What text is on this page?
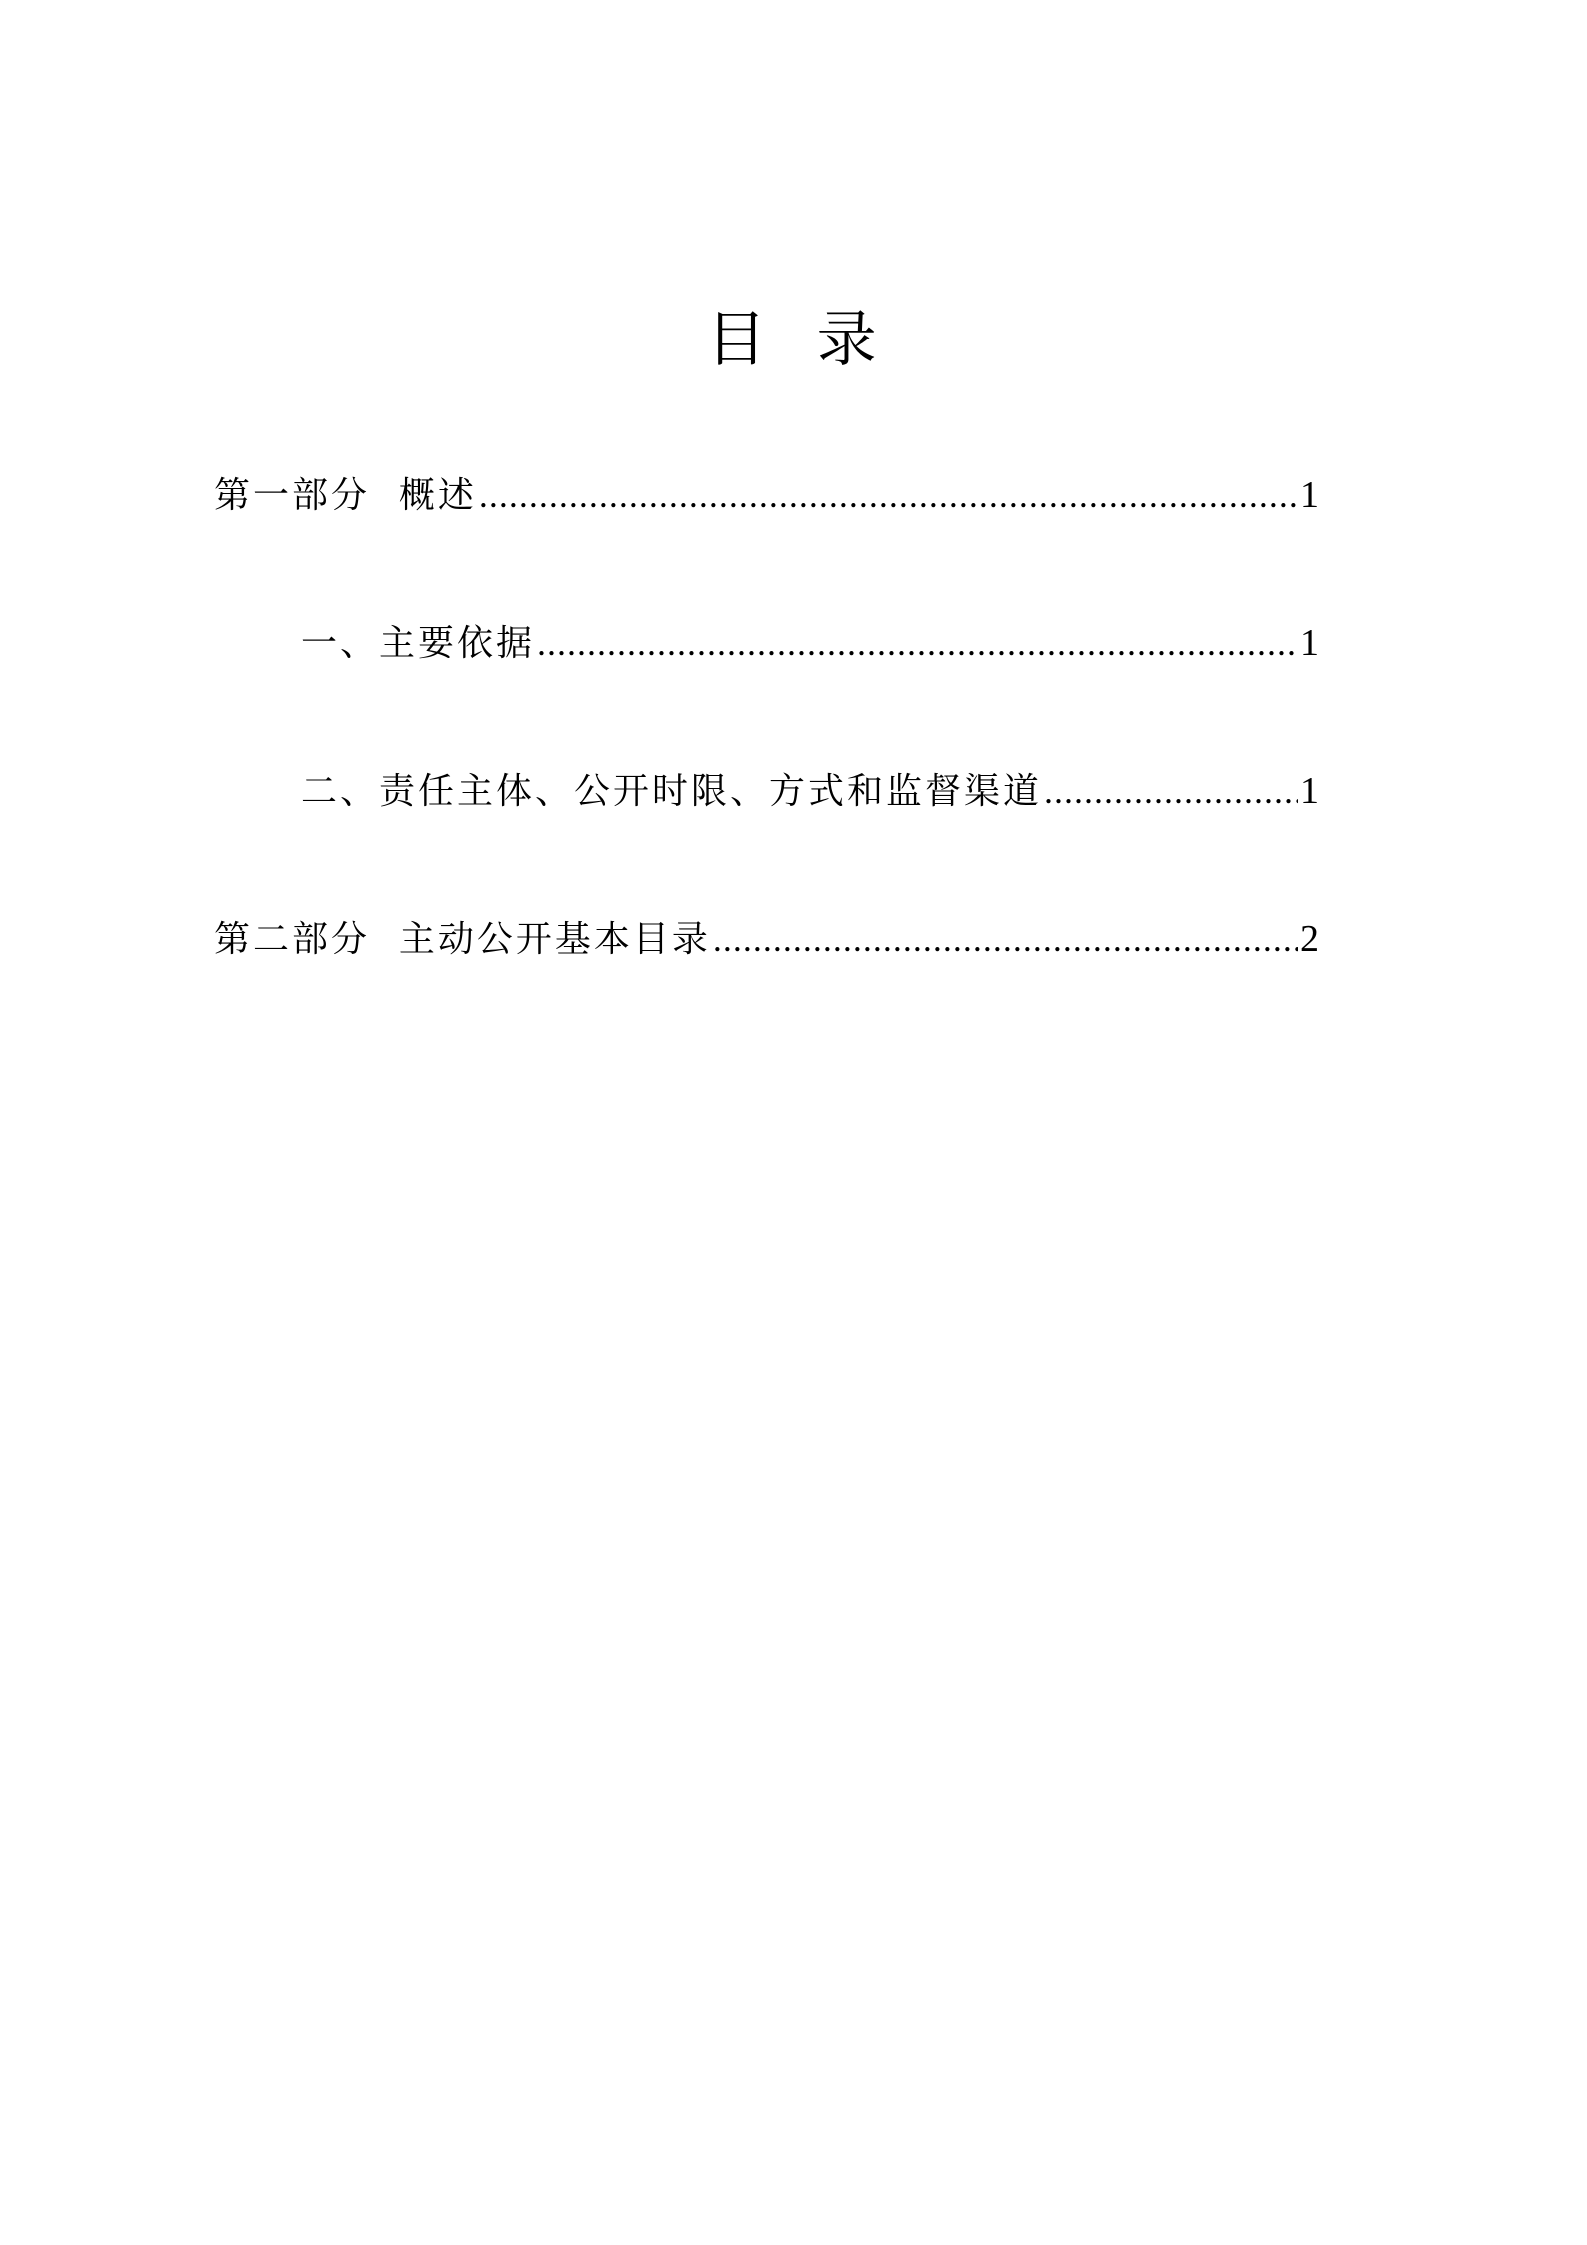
目  录
第一部分  概述 .....	1
一、主要依据 .....	1
二、责任主体、公开时限、方式和监督渠道 .....	1
第二部分  主动公开基本目录 .....	2
